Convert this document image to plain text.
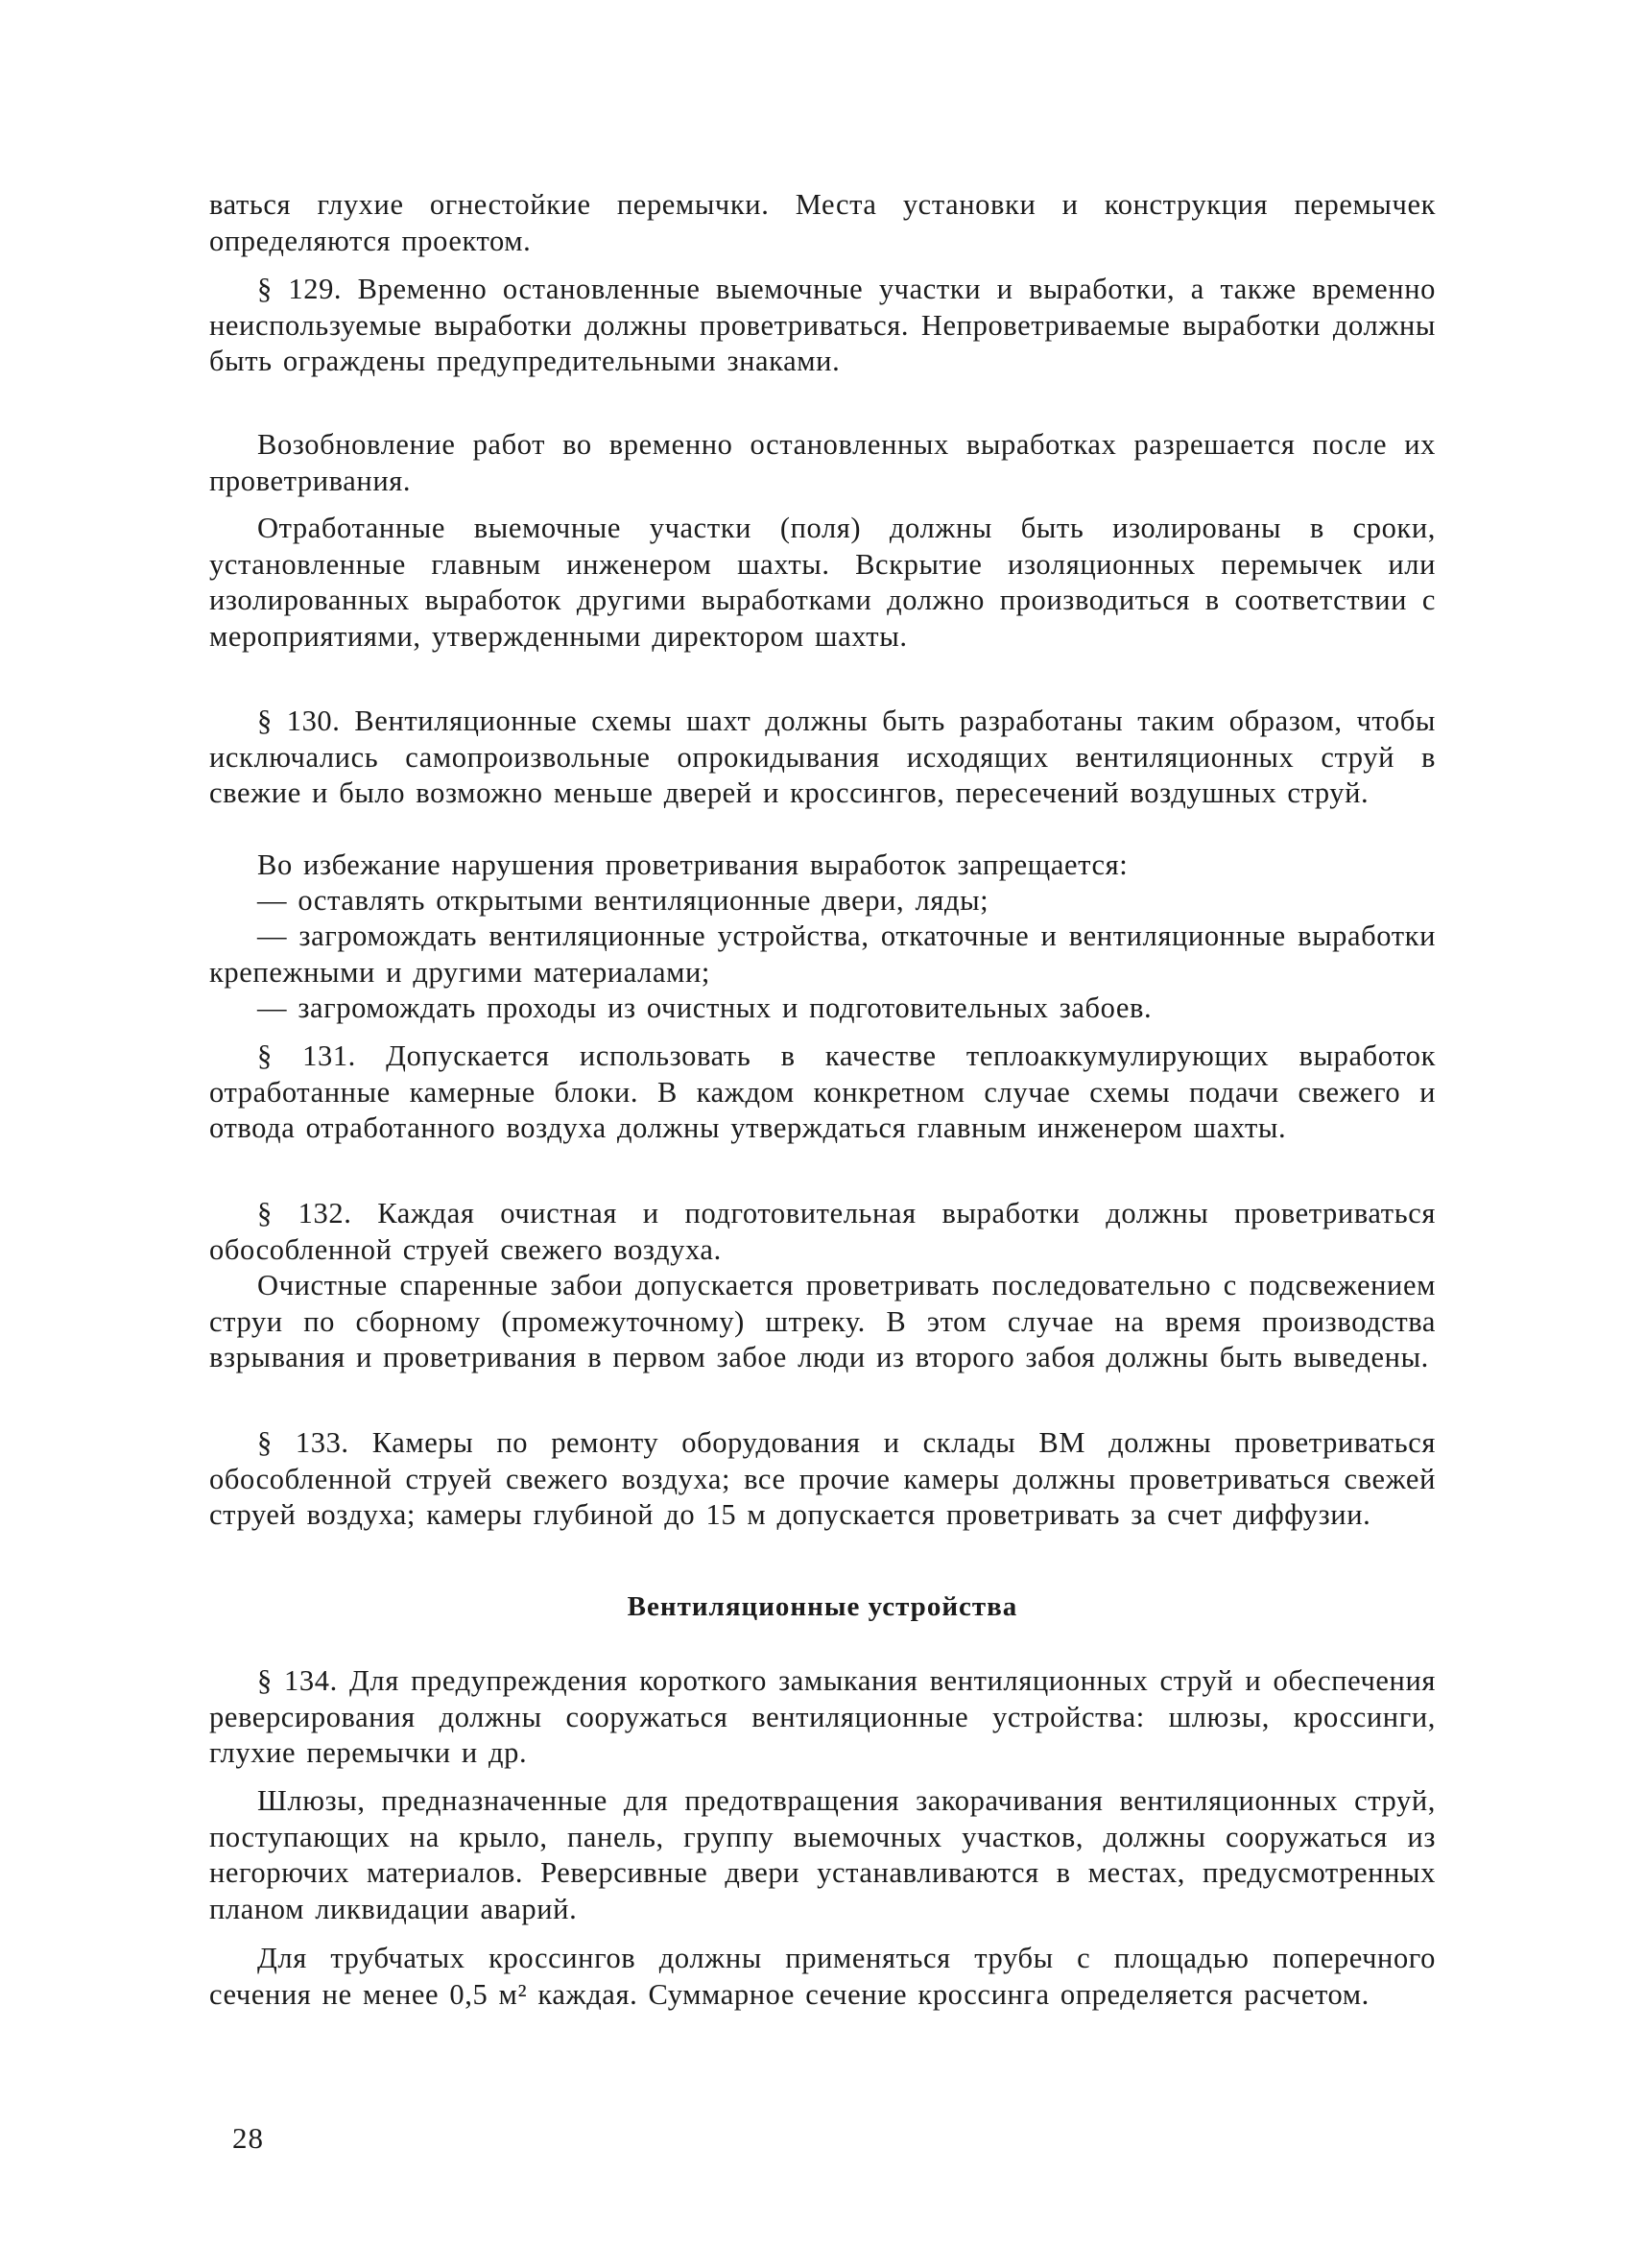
ваться глухие огнестойкие перемычки. Места установки и конструкция перемычек определяются проектом.

§ 129. Временно остановленные выемочные участки и выработки, а также временно неиспользуемые выработки должны проветриваться. Непроветриваемые выработки должны быть ограждены предупредительными знаками.

Возобновление работ во временно остановленных выработках разрешается после их проветривания.

Отработанные выемочные участки (поля) должны быть изолированы в сроки, установленные главным инженером шахты. Вскрытие изоляционных перемычек или изолированных выработок другими выработками должно производиться в соответствии с мероприятиями, утвержденными директором шахты.

§ 130. Вентиляционные схемы шахт должны быть разработаны таким образом, чтобы исключались самопроизвольные опрокидывания исходящих вентиляционных струй в свежие и было возможно меньше дверей и кроссингов, пересечений воздушных струй.

Во избежание нарушения проветривания выработок запрещается:

— оставлять открытыми вентиляционные двери, ляды;

— загромождать вентиляционные устройства, откаточные и вентиляционные выработки крепежными и другими материалами;

— загромождать проходы из очистных и подготовительных забоев.

§ 131. Допускается использовать в качестве теплоаккумулирующих выработок отработанные камерные блоки. В каждом конкретном случае схемы подачи свежего и отвода отработанного воздуха должны утверждаться главным инженером шахты.

§ 132. Каждая очистная и подготовительная выработки должны проветриваться обособленной струей свежего воздуха.

Очистные спаренные забои допускается проветривать последовательно с подсвежением струи по сборному (промежуточному) штреку. В этом случае на время производства взрывания и проветривания в первом забое люди из второго забоя должны быть выведены.

§ 133. Камеры по ремонту оборудования и склады ВМ должны проветриваться обособленной струей свежего воздуха; все прочие камеры должны проветриваться свежей струей воздуха; камеры глубиной до 15 м допускается проветривать за счет диффузии.

Вентиляционные устройства

§ 134. Для предупреждения короткого замыкания вентиляционных струй и обеспечения реверсирования должны сооружаться вентиляционные устройства: шлюзы, кроссинги, глухие перемычки и др.

Шлюзы, предназначенные для предотвращения закорачивания вентиляционных струй, поступающих на крыло, панель, группу выемочных участков, должны сооружаться из негорючих материалов. Реверсивные двери устанавливаются в местах, предусмотренных планом ликвидации аварий.

Для трубчатых кроссингов должны применяться трубы с площадью поперечного сечения не менее 0,5 м² каждая. Суммарное сечение кроссинга определяется расчетом.

28
